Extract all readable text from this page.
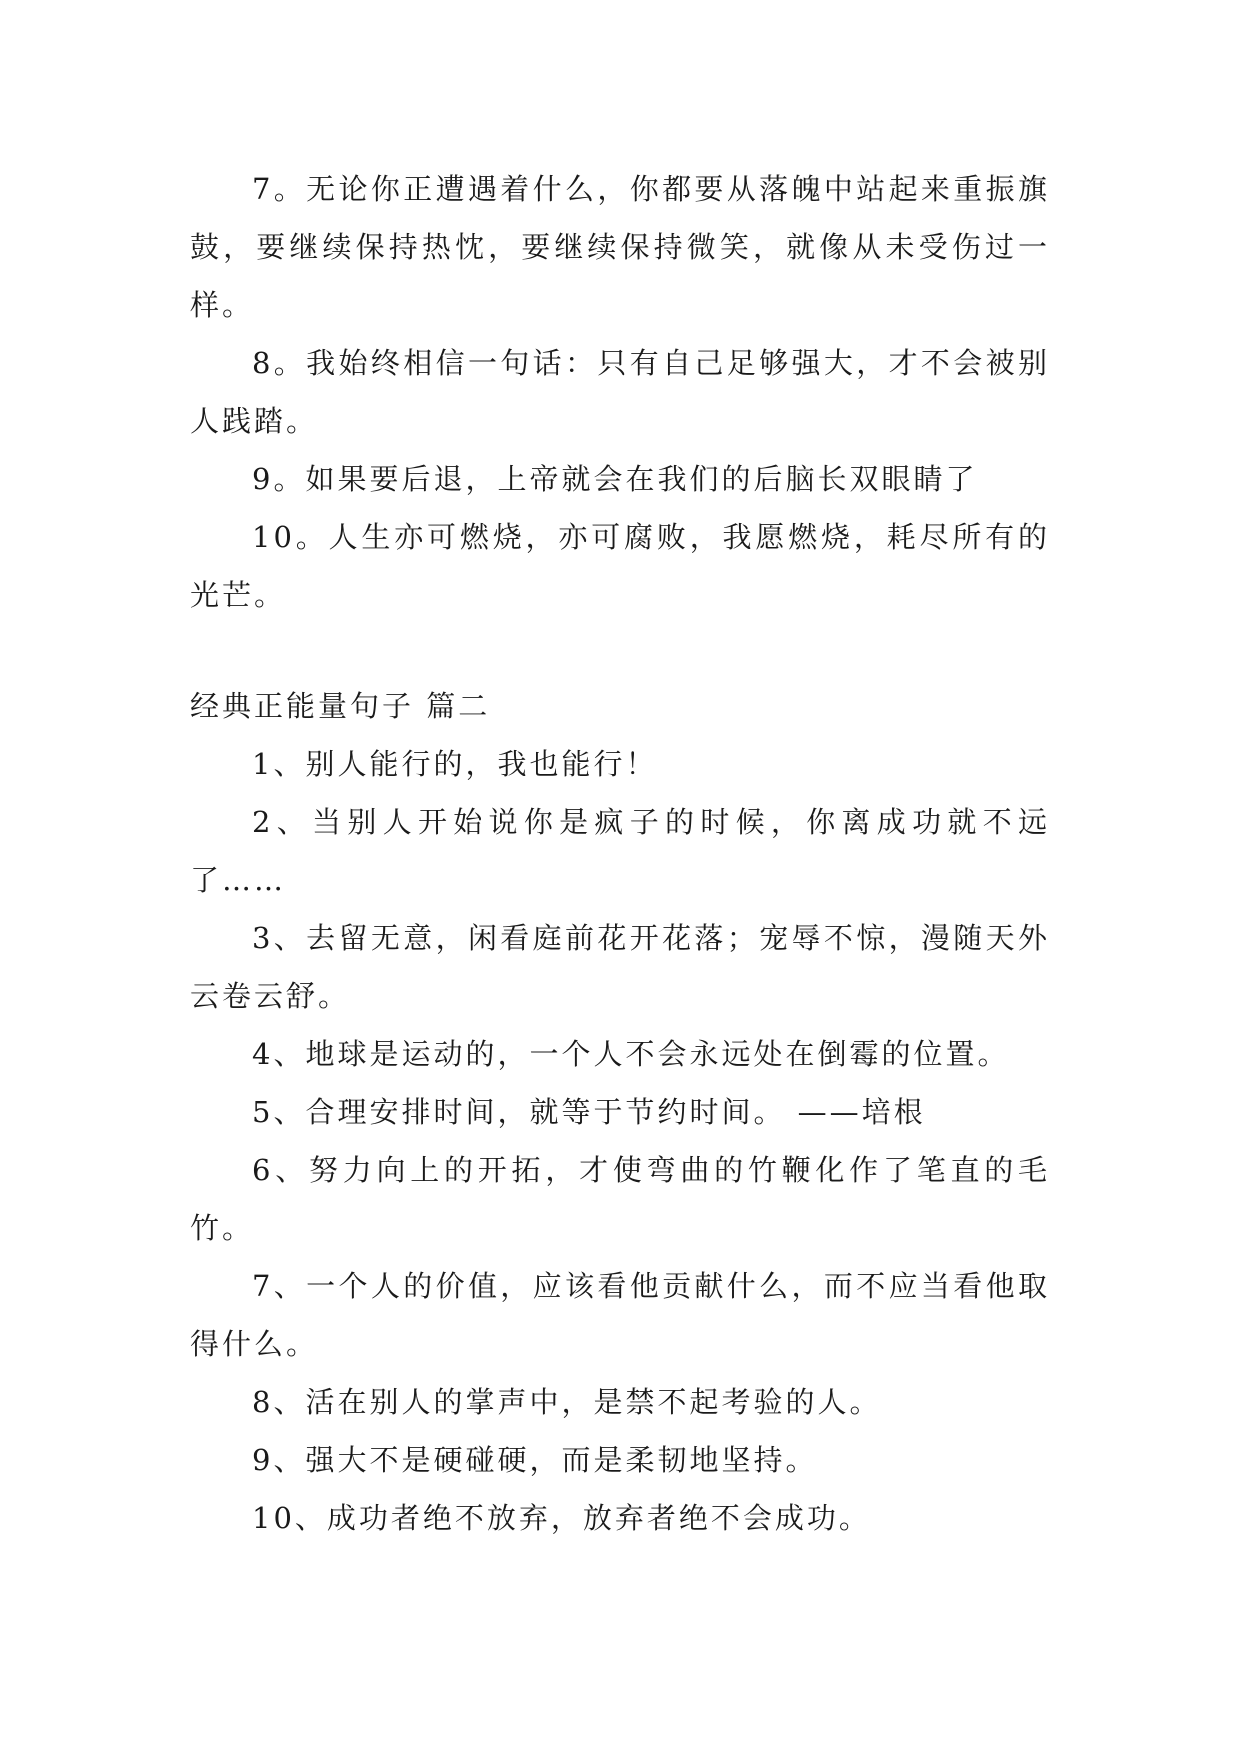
7。无论你正遭遇着什么，你都要从落魄中站起来重振旗鼓，要继续保持热忱，要继续保持微笑，就像从未受伤过一样。

8。我始终相信一句话：只有自己足够强大，才不会被别人践踏。

9。如果要后退，上帝就会在我们的后脑长双眼睛了

10。人生亦可燃烧，亦可腐败，我愿燃烧，耗尽所有的光芒。

经典正能量句子 篇二

1、别人能行的，我也能行！

2、当别人开始说你是疯子的时候，你离成功就不远了……

3、去留无意，闲看庭前花开花落；宠辱不惊，漫随天外云卷云舒。

4、地球是运动的，一个人不会永远处在倒霉的位置。

5、合理安排时间，就等于节约时间。 ——培根

6、努力向上的开拓，才使弯曲的竹鞭化作了笔直的毛竹。

7、一个人的价值，应该看他贡献什么，而不应当看他取得什么。

8、活在别人的掌声中，是禁不起考验的人。

9、强大不是硬碰硬，而是柔韧地坚持。

10、成功者绝不放弃，放弃者绝不会成功。
